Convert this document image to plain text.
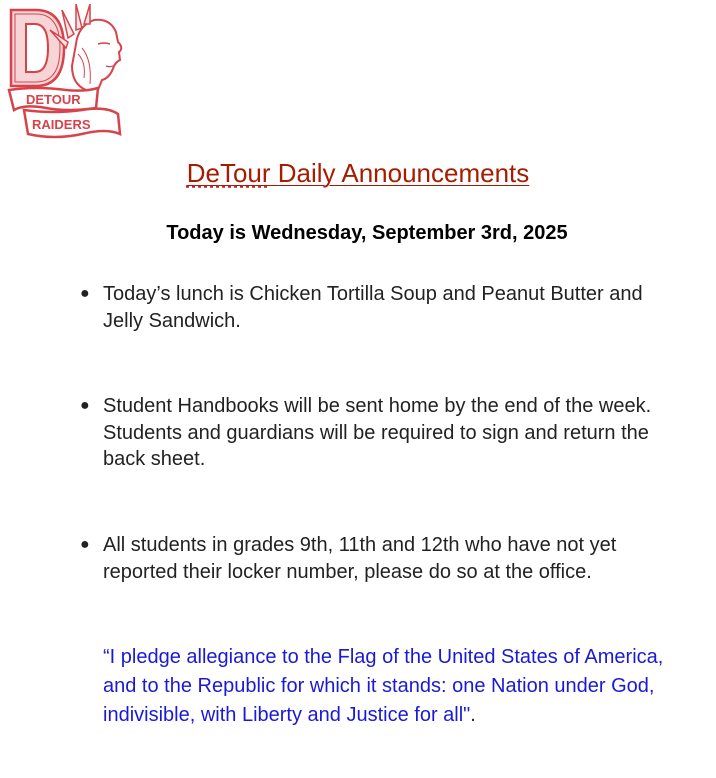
DETOUR
RAIDERS
DeTour Daily Announcements
Today is Wednesday, September 3rd, 2025
● Today’s lunch is Chicken Tortilla Soup and Peanut Butter and Jelly Sandwich.
● Student Handbooks will be sent home by the end of the week. Students and guardians will be required to sign and return the back sheet.
● All students in grades 9th, 11th and 12th who have not yet reported their locker number, please do so at the office.
“I pledge allegiance to the Flag of the United States of America, and to the Republic for which it stands: one Nation under God, indivisible, with Liberty and Justice for all".
